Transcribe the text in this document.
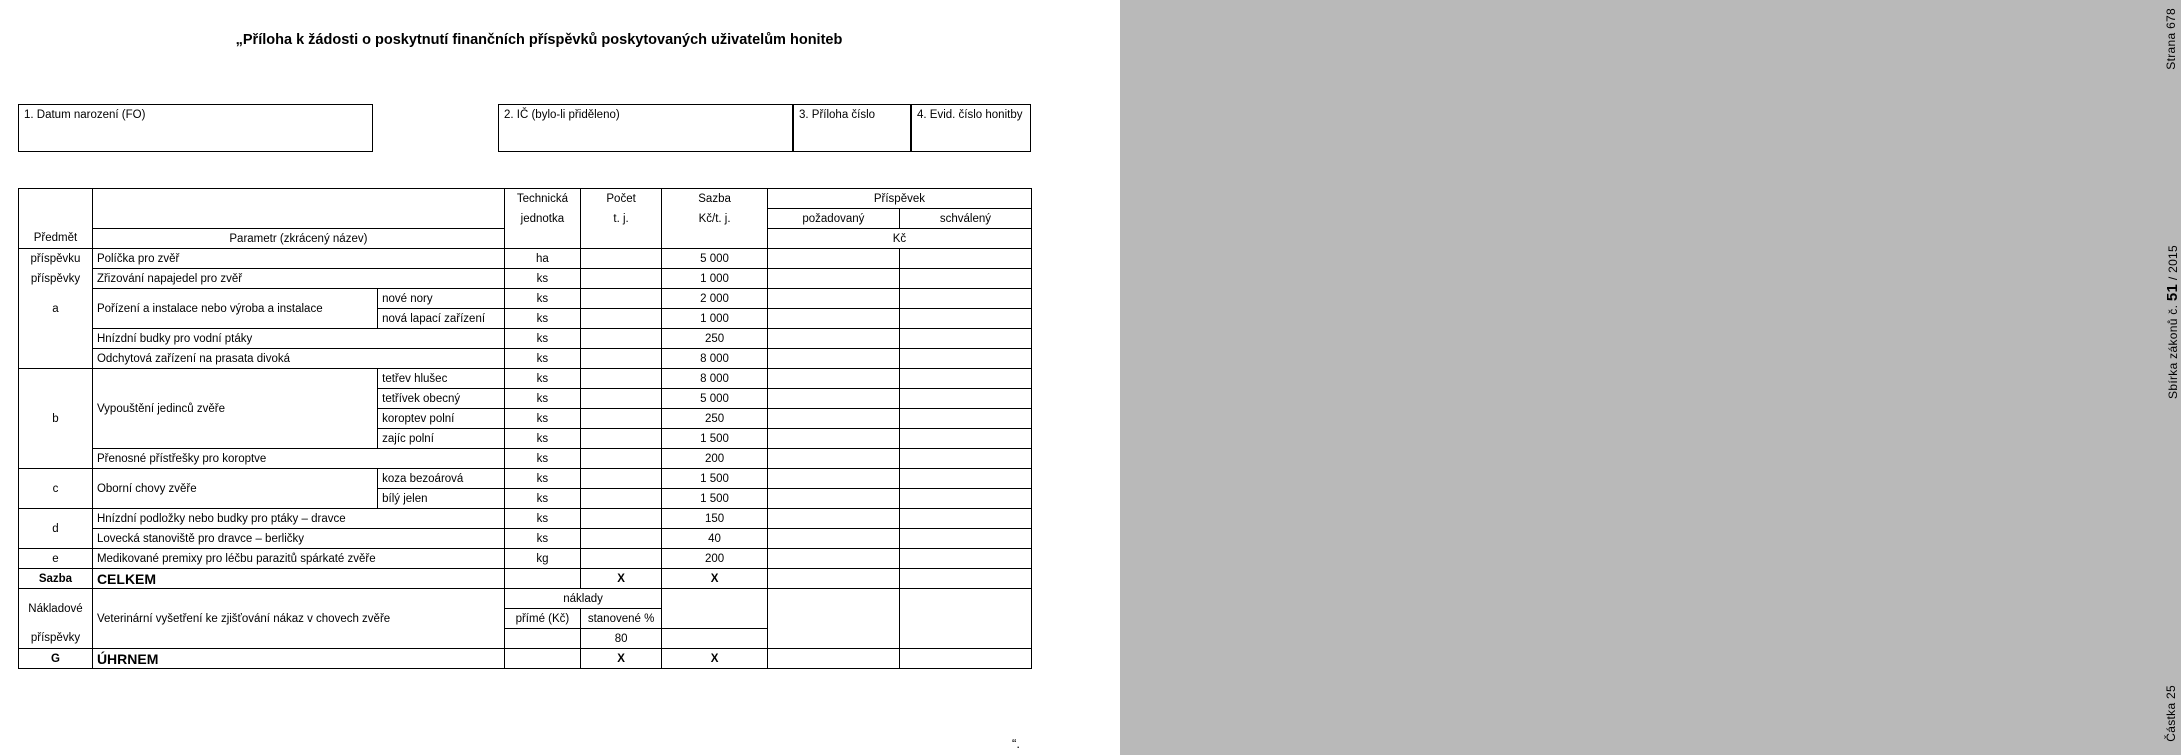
„Příloha k žádosti o poskytnutí finančních příspěvků poskytovaných uživatelům honiteb
1. Datum narození (FO)	2. IČ (bylo-li přiděleno)	3. Příloha číslo	4. Evid. číslo honitby
			Technická	Počet	Sazba	Příspěvek	
			jednotka	t. j.	Kč/t. j.	požadovaný	schválený
Předmět	Parametr (zkrácený název)					Kč	
příspěvku	Políčka pro zvěř		ha		5 000		
příspěvky	Zřizování napajedel pro zvěř		ks		1 000		
a	Pořízení a instalace nebo výroba a instalace	nové nory	ks		2 000		
		nová lapací zařízení	ks		1 000		
	Hnízdní budky pro vodní ptáky		ks		250		
	Odchytová zařízení na prasata divoká		ks		8 000		
b	Vypouštění jedinců zvěře	tetřev hlušec	ks		8 000		
		tetřívek obecný	ks		5 000		
		koroptev polní	ks		250		
		zajíc polní	ks		1 500		
	Přenosné přístřešky pro koroptve		ks		200		
c	Oborní chovy zvěře	koza bezoárová	ks		1 500		
		bílý jelen	ks		1 500		
d	Hnízdní podložky nebo budky pro ptáky – dravce		ks		150		
	Lovecká stanoviště pro dravce – berličky		ks		40		
e	Medikované premixy pro léčbu parazitů spárkaté zvěře		kg		200		
Sazba	CELKEM			X	X		
Nákladové	Veterinární vyšetření ke zjišťování nákaz v chovech zvěře		náklady				
			přímé (Kč)	stanovené %			
příspěvky				80			
G	ÚHRNEM			X	X		
“.
Strana 678
Sbírka zákonů č. 51 / 2015
Částka 25
